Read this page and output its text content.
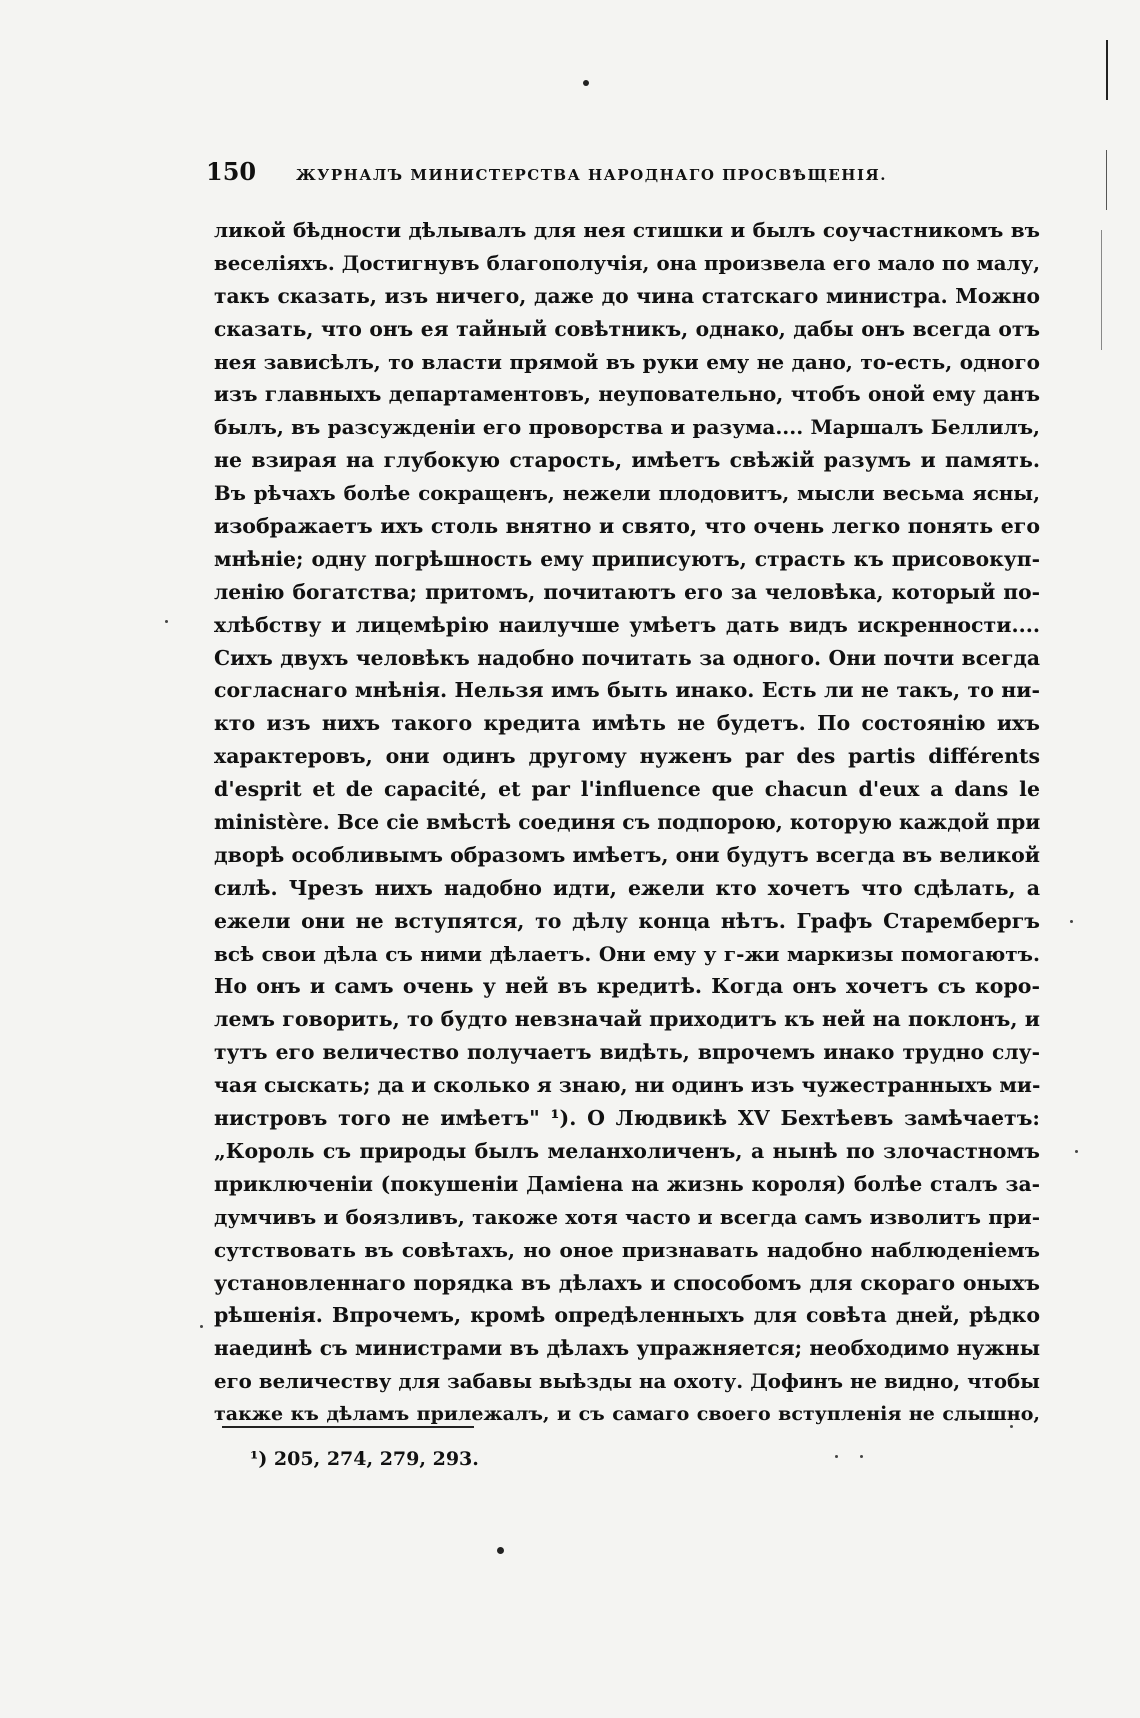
150	ЖУРНАЛЪ МИНИСТЕРСТВА НАРОДНАГО ПРОСВѢЩЕНІЯ.
ликой бѣдности дѣлывалъ для нея стишки и былъ соучастникомъ въ
веселіяхъ. Достигнувъ благополучія, она произвела его мало по малу,
такъ сказать, изъ ничего, даже до чина статскаго министра. Можно
сказать, что онъ ея тайный совѣтникъ, однако, дабы онъ всегда отъ
нея зависѣлъ, то власти прямой въ руки ему не дано, то-есть, одного
изъ главныхъ департаментовъ, неуповательно, чтобъ оной ему данъ
былъ, въ разсужденіи его проворства и разума.... Маршалъ Беллилъ,
не взирая на глубокую старость, имѣетъ свѣжій разумъ и память.
Въ рѣчахъ болѣе сокращенъ, нежели плодовитъ, мысли весьма ясны,
изображаетъ ихъ столь внятно и свято, что очень легко понять его
мнѣніе; одну погрѣшность ему приписуютъ, страсть къ присовокуп-
ленію богатства; притомъ, почитаютъ его за человѣка, который по-
хлѣбству и лицемѣрію наилучше умѣетъ дать видъ искренности....
Сихъ двухъ человѣкъ надобно почитать за одного. Они почти всегда
согласнаго мнѣнія. Нельзя имъ быть инако. Есть ли не такъ, то ни-
кто изъ нихъ такого кредита имѣть не будетъ. По состоянію ихъ
характеровъ, они одинъ другому нуженъ par des partis différents
d'esprit et de capacité, et par l'influence que chacun d'eux a dans le
ministère. Все сіе вмѣстѣ соединя съ подпорою, которую каждой при
дворѣ особливымъ образомъ имѣетъ, они будутъ всегда въ великой
силѣ. Чрезъ нихъ надобно идти, ежели кто хочетъ что сдѣлать, а
ежели они не вступятся, то дѣлу конца нѣтъ. Графъ Старембергъ
всѣ свои дѣла съ ними дѣлаетъ. Они ему у г-жи маркизы помогаютъ.
Но онъ и самъ очень у ней въ кредитѣ. Когда онъ хочетъ съ коро-
лемъ говорить, то будто невзначай приходитъ къ ней на поклонъ, и
тутъ его величество получаетъ видѣть, впрочемъ инако трудно слу-
чая сыскать; да и сколько я знаю, ни одинъ изъ чужестранныхъ ми-
нистровъ того не имѣетъ" ¹). О Людвикѣ XV Бехтѣевъ замѣчаетъ:
„Король съ природы былъ меланхоличенъ, а нынѣ по злочастномъ
приключеніи (покушеніи Даміена на жизнь короля) болѣе сталъ за-
думчивъ и боязливъ, такоже хотя часто и всегда самъ изволитъ при-
сутствовать въ совѣтахъ, но оное признавать надобно наблюденіемъ
установленнаго порядка въ дѣлахъ и способомъ для скораго оныхъ
рѣшенія. Впрочемъ, кромѣ опредѣленныхъ для совѣта дней, рѣдко
наединѣ съ министрами въ дѣлахъ упражняется; необходимо нужны
его величеству для забавы выѣзды на охоту. Дофинъ не видно, чтобы
также къ дѣламъ прилежалъ, и съ самаго своего вступленія не слышно,
¹) 205, 274, 279, 293.
